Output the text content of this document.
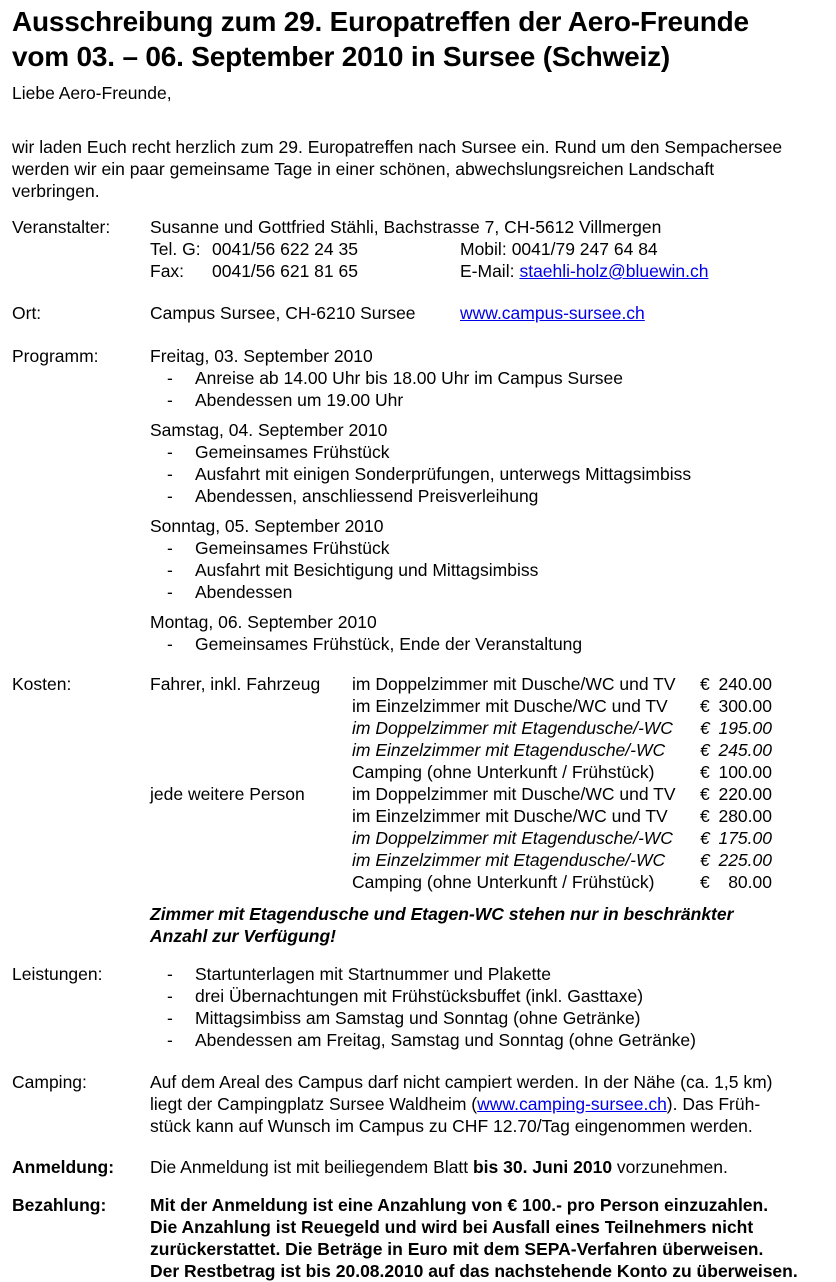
Ausschreibung zum 29. Europatreffen der Aero-Freunde
vom 03. – 06. September 2010 in Sursee (Schweiz)

Liebe Aero-Freunde,

wir laden Euch recht herzlich zum 29. Europatreffen nach Sursee ein. Rund um den Sempachersee
werden wir ein paar gemeinsame Tage in einer schönen, abwechslungsreichen Landschaft
verbringen.

Veranstalter:	Susanne und Gottfried Stähli, Bachstrasse 7, CH-5612 Villmergen
Tel. G: 0041/56 622 24 35	Mobil: 0041/79 247 64 84
Fax: 0041/56 621 81 65	E-Mail: staehli-holz@bluewin.ch
Ort:	Campus Sursee, CH-6210 Sursee	www.campus-sursee.ch
Programm:	Freitag, 03. September 2010
-	Anreise ab 14.00 Uhr bis 18.00 Uhr im Campus Sursee
-	Abendessen um 19.00 Uhr
Samstag, 04. September 2010
-	Gemeinsames Frühstück
-	Ausfahrt mit einigen Sonderprüfungen, unterwegs Mittagsimbiss
-	Abendessen, anschliessend Preisverleihung
Sonntag, 05. September 2010
-	Gemeinsames Frühstück
-	Ausfahrt mit Besichtigung und Mittagsimbiss
-	Abendessen
Montag, 06. September 2010
-	Gemeinsames Frühstück, Ende der Veranstaltung
Kosten:	Fahrer, inkl. Fahrzeug	im Doppelzimmer mit Dusche/WC und TV	€ 240.00
im Einzelzimmer mit Dusche/WC und TV	€ 300.00
im Doppelzimmer mit Etagendusche/-WC	€ 195.00
im Einzelzimmer mit Etagendusche/-WC	€ 245.00
Camping (ohne Unterkunft / Frühstück)	€ 100.00
jede weitere Person	im Doppelzimmer mit Dusche/WC und TV	€ 220.00
im Einzelzimmer mit Dusche/WC und TV	€ 280.00
im Doppelzimmer mit Etagendusche/-WC	€ 175.00
im Einzelzimmer mit Etagendusche/-WC	€ 225.00
Camping (ohne Unterkunft / Frühstück)	€ 80.00
Zimmer mit Etagendusche und Etagen-WC stehen nur in beschränkter
Anzahl zur Verfügung!
Leistungen:	-	Startunterlagen mit Startnummer und Plakette
-	drei Übernachtungen mit Frühstücksbuffet (inkl. Gasttaxe)
-	Mittagsimbiss am Samstag und Sonntag (ohne Getränke)
-	Abendessen am Freitag, Samstag und Sonntag (ohne Getränke)
Camping:	Auf dem Areal des Campus darf nicht campiert werden. In der Nähe (ca. 1,5 km)
liegt der Campingplatz Sursee Waldheim (www.camping-sursee.ch). Das Früh-
stück kann auf Wunsch im Campus zu CHF 12.70/Tag eingenommen werden.
Anmeldung:	Die Anmeldung ist mit beiliegendem Blatt bis 30. Juni 2010 vorzunehmen.
Bezahlung:	Mit der Anmeldung ist eine Anzahlung von € 100.- pro Person einzuzahlen.
Die Anzahlung ist Reuegeld und wird bei Ausfall eines Teilnehmers nicht
zurückerstattet. Die Beträge in Euro mit dem SEPA-Verfahren überweisen.
Der Restbetrag ist bis 20.08.2010 auf das nachstehende Konto zu überweisen.
